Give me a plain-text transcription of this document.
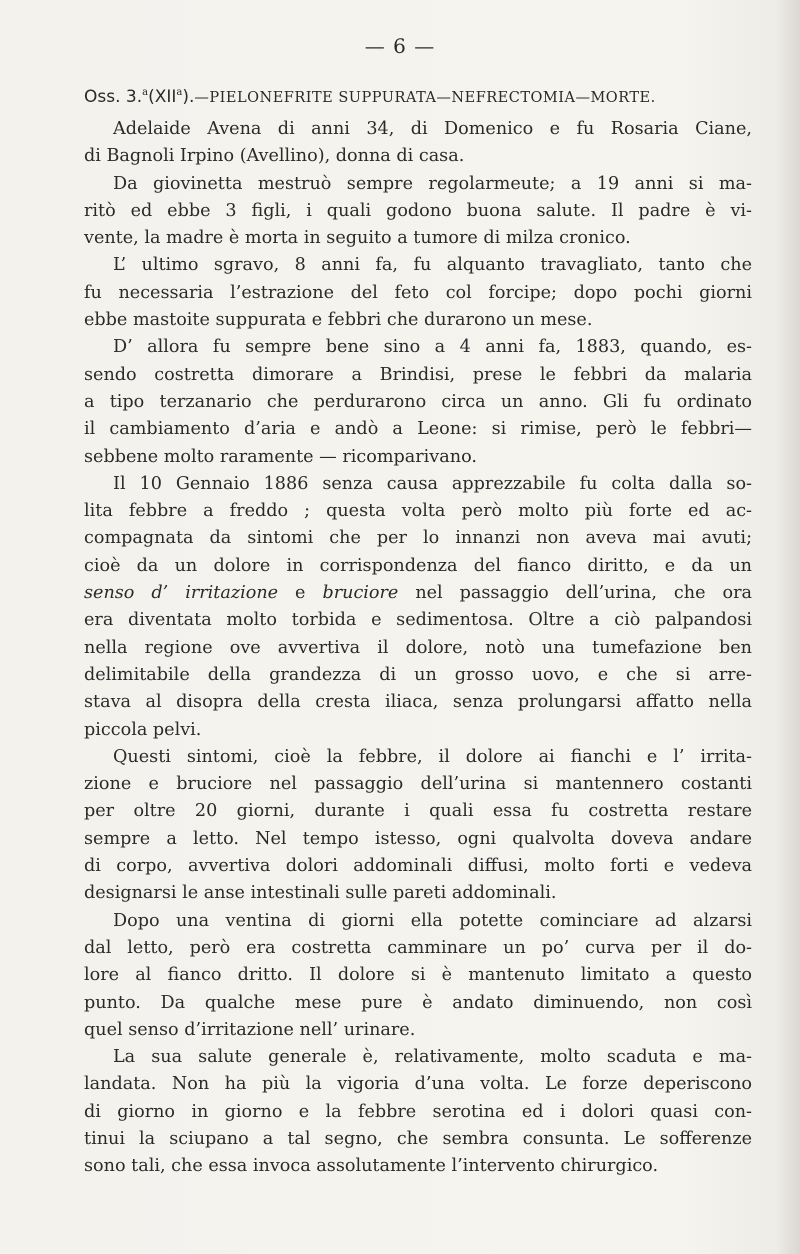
— 6 —
Oss. 3.$^a$(XII$^a$).—PIELONEFRITE SUPPURATA—NEFRECTOMIA—MORTE.
Adelaide Avena di anni 34, di Domenico e fu Rosaria Ciane,
di Bagnoli Irpino (Avellino), donna di casa.
Da giovinetta mestruò sempre regolarmeute; a 19 anni si ma-
ritò ed ebbe 3 figli, i quali godono buona salute. Il padre è vi-
vente, la madre è morta in seguito a tumore di milza cronico.
L’ ultimo sgravo, 8 anni fa, fu alquanto travagliato, tanto che
fu necessaria l’estrazione del feto col forcipe; dopo pochi giorni
ebbe mastoite suppurata e febbri che durarono un mese.
D’ allora fu sempre bene sino a 4 anni fa, 1883, quando, es-
sendo costretta dimorare a Brindisi, prese le febbri da malaria
a tipo terzanario che perdurarono circa un anno. Gli fu ordinato
il cambiamento d’aria e andò a Leone: si rimise, però le febbri—
sebbene molto raramente — ricomparivano.
Il 10 Gennaio 1886 senza causa apprezzabile fu colta dalla so-
lita febbre a freddo ; questa volta però molto più forte ed ac-
compagnata da sintomi che per lo innanzi non aveva mai avuti;
cioè da un dolore in corrispondenza del fianco diritto, e da un
senso d’ irritazione e bruciore nel passaggio dell’urina, che ora
era diventata molto torbida e sedimentosa. Oltre a ciò palpandosi
nella regione ove avvertiva il dolore, notò una tumefazione ben
delimitabile della grandezza di un grosso uovo, e che si arre-
stava al disopra della cresta iliaca, senza prolungarsi affatto nella
piccola pelvi.
Questi sintomi, cioè la febbre, il dolore ai fianchi e l’ irrita-
zione e bruciore nel passaggio dell’urina si mantennero costanti
per oltre 20 giorni, durante i quali essa fu costretta restare
sempre a letto. Nel tempo istesso, ogni qualvolta doveva andare
di corpo, avvertiva dolori addominali diffusi, molto forti e vedeva
designarsi le anse intestinali sulle pareti addominali.
Dopo una ventina di giorni ella potette cominciare ad alzarsi
dal letto, però era costretta camminare un po’ curva per il do-
lore al fianco dritto. Il dolore si è mantenuto limitato a questo
punto. Da qualche mese pure è andato diminuendo, non così
quel senso d’irritazione nell’ urinare.
La sua salute generale è, relativamente, molto scaduta e ma-
landata. Non ha più la vigoria d’una volta. Le forze deperiscono
di giorno in giorno e la febbre serotina ed i dolori quasi con-
tinui la sciupano a tal segno, che sembra consunta. Le sofferenze
sono tali, che essa invoca assolutamente l’intervento chirurgico.
